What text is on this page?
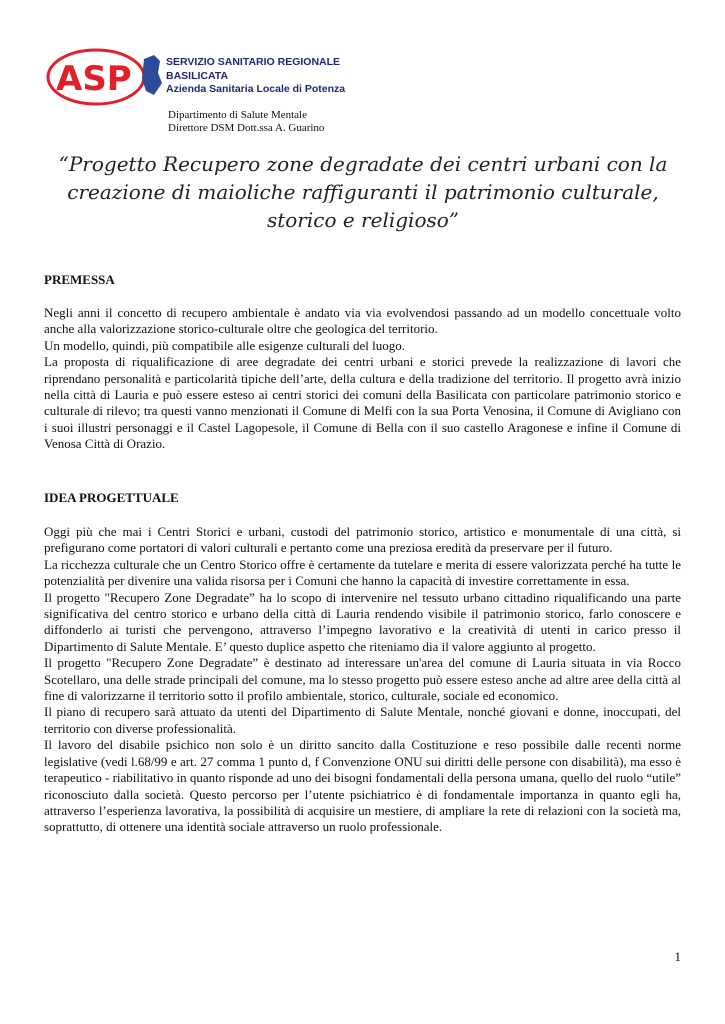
ASP	SERVIZIO SANITARIO REGIONALE
BASILICATA
Azienda Sanitaria Locale di Potenza
Dipartimento di Salute Mentale
Direttore DSM Dott.ssa A. Guarino
“Progetto Recupero zone degradate dei centri urbani con la creazione di maioliche raffiguranti il patrimonio culturale, storico e religioso”
PREMESSA

Negli anni il concetto di recupero ambientale è andato via via evolvendosi passando ad un modello concettuale volto anche alla valorizzazione storico-culturale oltre che geologica del territorio.

Un modello, quindi, più compatibile alle esigenze culturali del luogo.

La proposta di riqualificazione di aree degradate dei centri urbani e storici prevede la realizzazione di lavori che riprendano personalità e particolarità tipiche dell’arte, della cultura e della tradizione del territorio. Il progetto avrà inizio nella città di Lauria e può essere esteso ai centri storici dei comuni della Basilicata con particolare patrimonio storico e culturale di rilevo; tra questi vanno menzionati il Comune di Melfi con la sua Porta Venosina, il Comune di Avigliano con i suoi illustri personaggi e il Castel Lagopesole, il Comune di Bella con il suo castello Aragonese e infine il Comune di Venosa Città di Orazio.

IDEA PROGETTUALE

Oggi più che mai i Centri Storici e urbani, custodi del patrimonio storico, artistico e monumentale di una città, si prefigurano come portatori di valori culturali e pertanto come una preziosa eredità da preservare per il futuro.

La ricchezza culturale che un Centro Storico offre è certamente da tutelare e merita di essere valorizzata perché ha tutte le potenzialità per divenire una valida risorsa per i Comuni che hanno la capacità di investire correttamente in essa.

Il progetto "Recupero Zone Degradate” ha lo scopo di intervenire nel tessuto urbano cittadino riqualificando una parte significativa del centro storico e urbano della città di Lauria rendendo visibile il patrimonio storico, farlo conoscere e diffonderlo ai turisti che pervengono, attraverso l’impegno lavorativo e la creatività di utenti in carico presso il Dipartimento di Salute Mentale. E’ questo duplice aspetto che riteniamo dia il valore aggiunto al progetto.

Il progetto "Recupero Zone Degradate” è destinato ad interessare un'area del comune di Lauria situata in via Rocco Scotellaro, una delle strade principali del comune, ma lo stesso progetto può essere esteso anche ad altre aree della città al fine di valorizzarne il territorio sotto il profilo ambientale, storico, culturale, sociale ed economico.

Il piano di recupero sarà attuato da utenti del Dipartimento di Salute Mentale, nonché giovani e donne, inoccupati, del territorio con diverse professionalità.

Il lavoro del disabile psichico non solo è un diritto sancito dalla Costituzione e reso possibile dalle recenti norme legislative (vedi l.68/99 e art. 27 comma 1 punto d, f Convenzione ONU sui diritti delle persone con disabilità), ma esso è terapeutico - riabilitativo in quanto risponde ad uno dei bisogni fondamentali della persona umana, quello del ruolo “utile” riconosciuto dalla società. Questo percorso per l’utente psichiatrico è di fondamentale importanza in quanto egli ha, attraverso l’esperienza lavorativa, la possibilità di acquisire un mestiere, di ampliare la rete di relazioni con la società ma, soprattutto, di ottenere una identità sociale attraverso un ruolo professionale.

1
